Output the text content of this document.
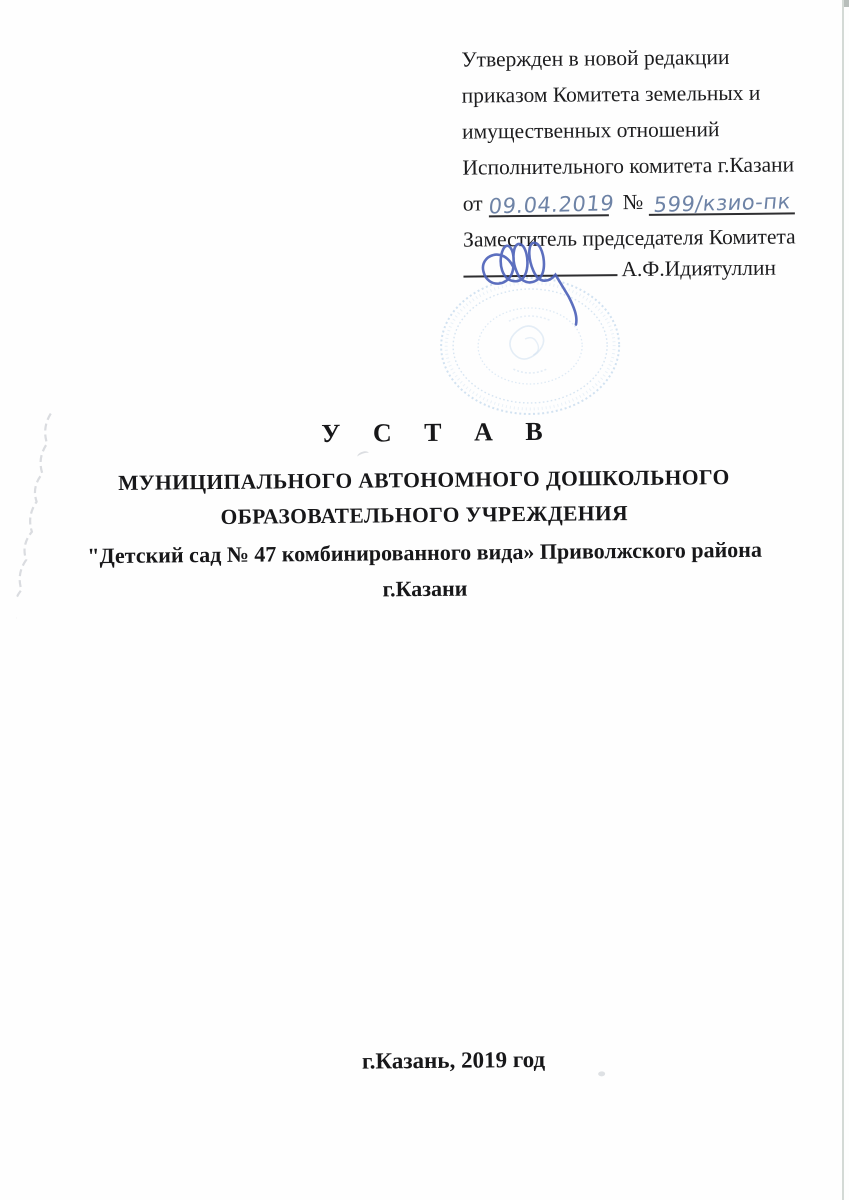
Утвержден в новой редакции
приказом Комитета земельных и
имущественных отношений
Исполнительного комитета г.Казани
от 09.04.2019 № 599/кзио-пк
Заместитель председателя Комитета
А.Ф.Идиятуллин
У С Т А В
МУНИЦИПАЛЬНОГО АВТОНОМНОГО ДОШКОЛЬНОГО
ОБРАЗОВАТЕЛЬНОГО УЧРЕЖДЕНИЯ
"Детский сад № 47 комбинированного вида» Приволжского района
г.Казани
г.Казань, 2019 год
